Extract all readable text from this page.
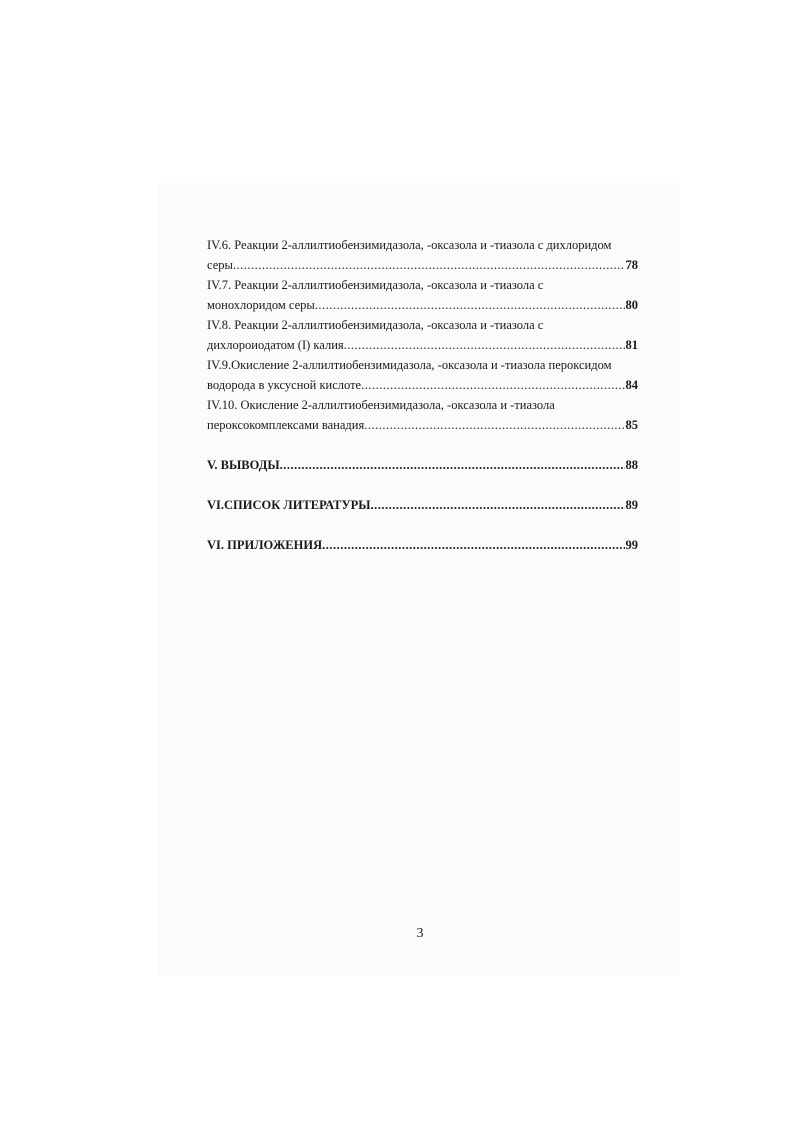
IV.6. Реакции 2-аллилтиобензимидазола, -оксазола и -тиазола с дихлоридом
серы .....	78
IV.7. Реакции 2-аллилтиобензимидазола, -оксазола и -тиазола с
монохлоридом серы .....	80
IV.8. Реакции 2-аллилтиобензимидазола, -оксазола и -тиазола с
дихлороиодатом (I) калия .....	81
IV.9.Окисление 2-аллилтиобензимидазола, -оксазола и -тиазола пероксидом
водорода в уксусной кислоте .....	84
IV.10. Окисление 2-аллилтиобензимидазола, -оксазола и -тиазола
пероксокомплексами ванадия .....	85
V. ВЫВОДЫ .....	88
VI.СПИСОК ЛИТЕРАТУРЫ .....	89
VI. ПРИЛОЖЕНИЯ .....	99
3
